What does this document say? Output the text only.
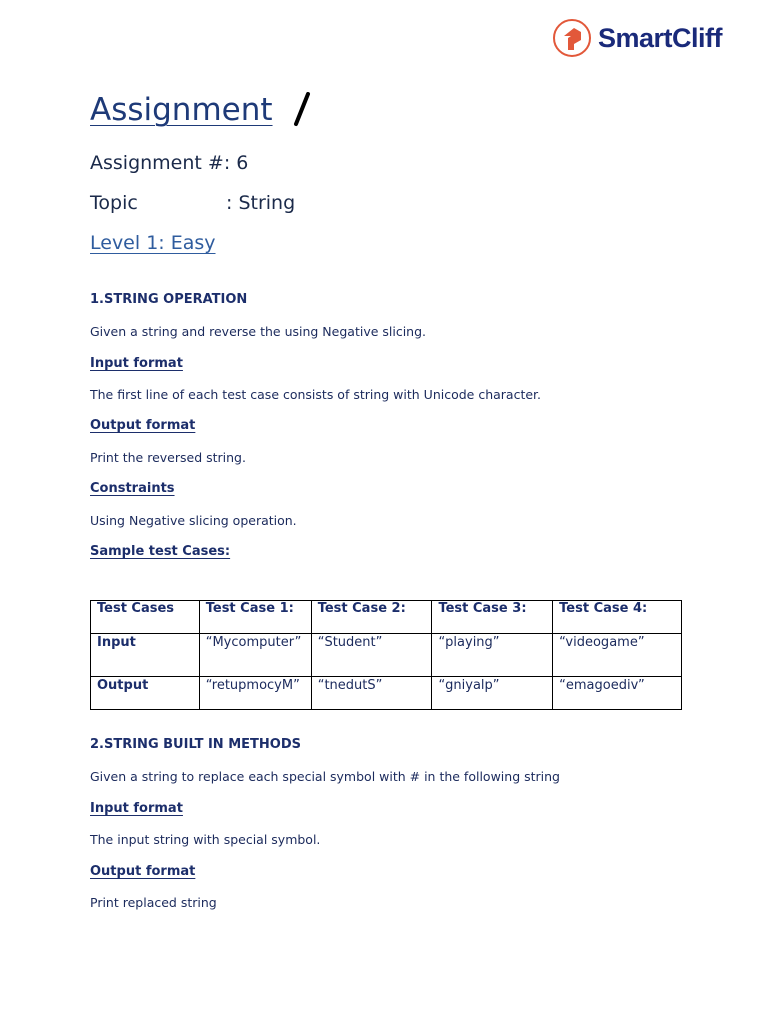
SmartCliff
Assignment
Assignment #: 6
Topic	: String
Level 1: Easy
1.STRING OPERATION
Given a string and reverse the using Negative slicing.
Input format
The first line of each test case consists of string with Unicode character.
Output format
Print the reversed string.
Constraints
Using Negative slicing operation.
Sample test Cases:
Test Cases	Test Case 1:	Test Case 2:	Test Case 3:	Test Case 4:
Input	“Mycomputer”	“Student”	“playing”	“videogame”
Output	“retupmocyM”	“tnedutS”	“gniyalp”	“emagoediv”
2.STRING BUILT IN METHODS
Given a string to replace each special symbol with # in the following string
Input format
The input string with special symbol.
Output format
Print replaced string
